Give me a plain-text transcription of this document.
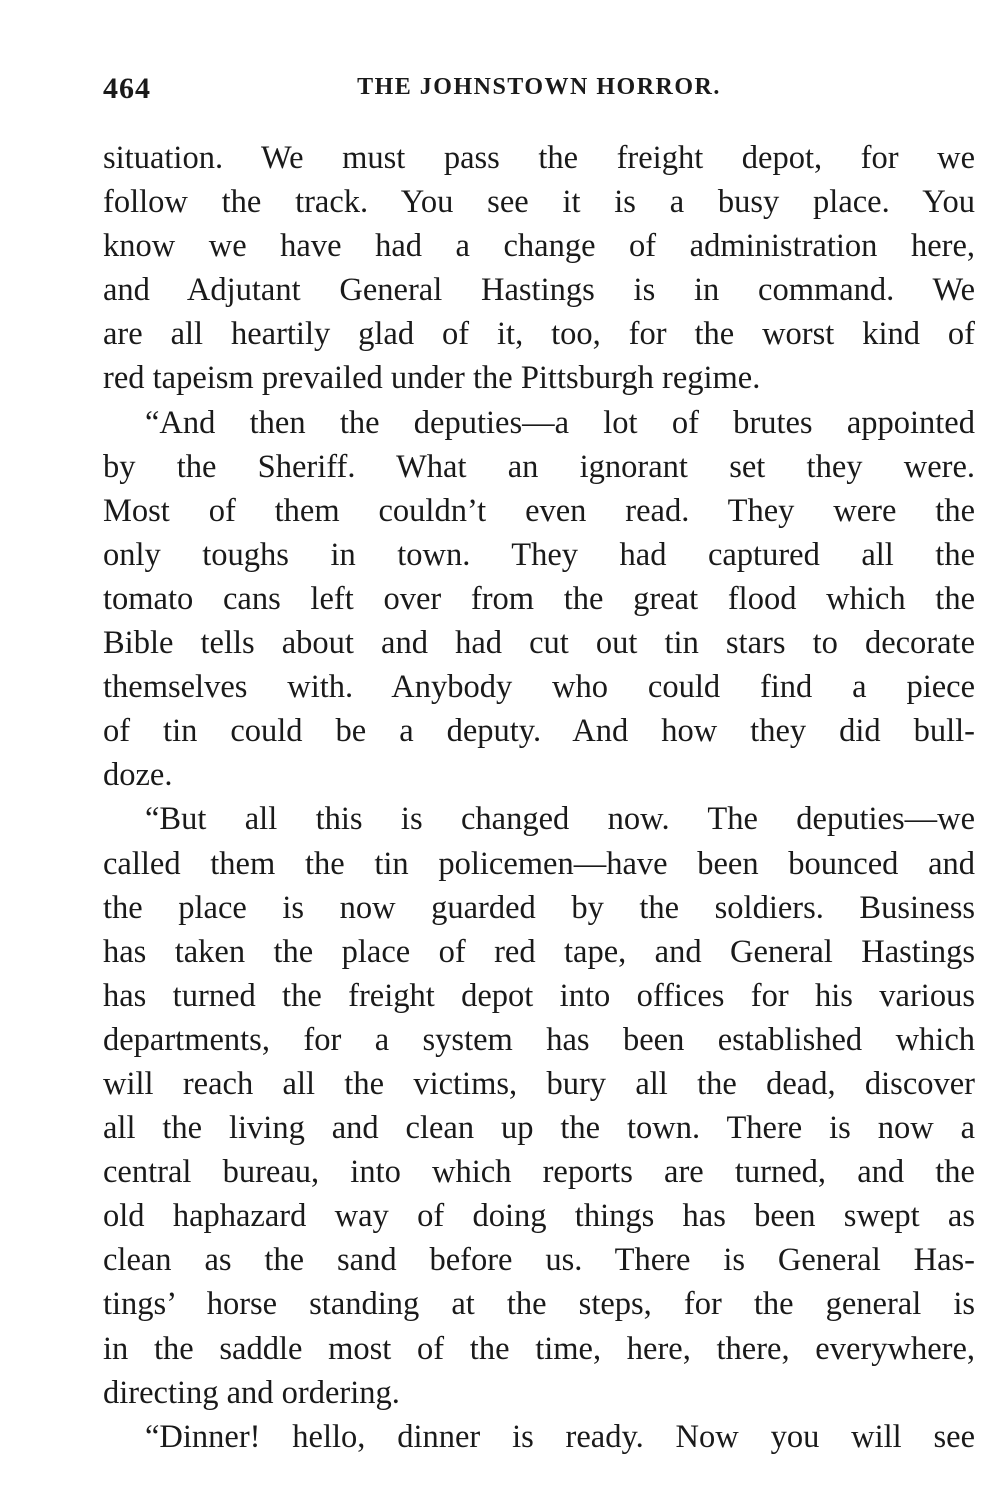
464	THE JOHNSTOWN HORROR.
situation. We must pass the freight depot, for we
follow the track. You see it is a busy place. You
know we have had a change of administration here,
and Adjutant General Hastings is in command. We
are all heartily glad of it, too, for the worst kind of
red tapeism prevailed under the Pittsburgh regime.
“And then the deputies—a lot of brutes appointed
by the Sheriff. What an ignorant set they were.
Most of them couldn’t even read. They were the
only toughs in town. They had captured all the
tomato cans left over from the great flood which the
Bible tells about and had cut out tin stars to decorate
themselves with. Anybody who could find a piece
of tin could be a deputy. And how they did bull-
doze.
“But all this is changed now. The deputies—we
called them the tin policemen—have been bounced and
the place is now guarded by the soldiers. Business
has taken the place of red tape, and General Hastings
has turned the freight depot into offices for his various
departments, for a system has been established which
will reach all the victims, bury all the dead, discover
all the living and clean up the town. There is now a
central bureau, into which reports are turned, and the
old haphazard way of doing things has been swept as
clean as the sand before us. There is General Has-
tings’ horse standing at the steps, for the general is
in the saddle most of the time, here, there, everywhere,
directing and ordering.
“Dinner! hello, dinner is ready. Now you will see
